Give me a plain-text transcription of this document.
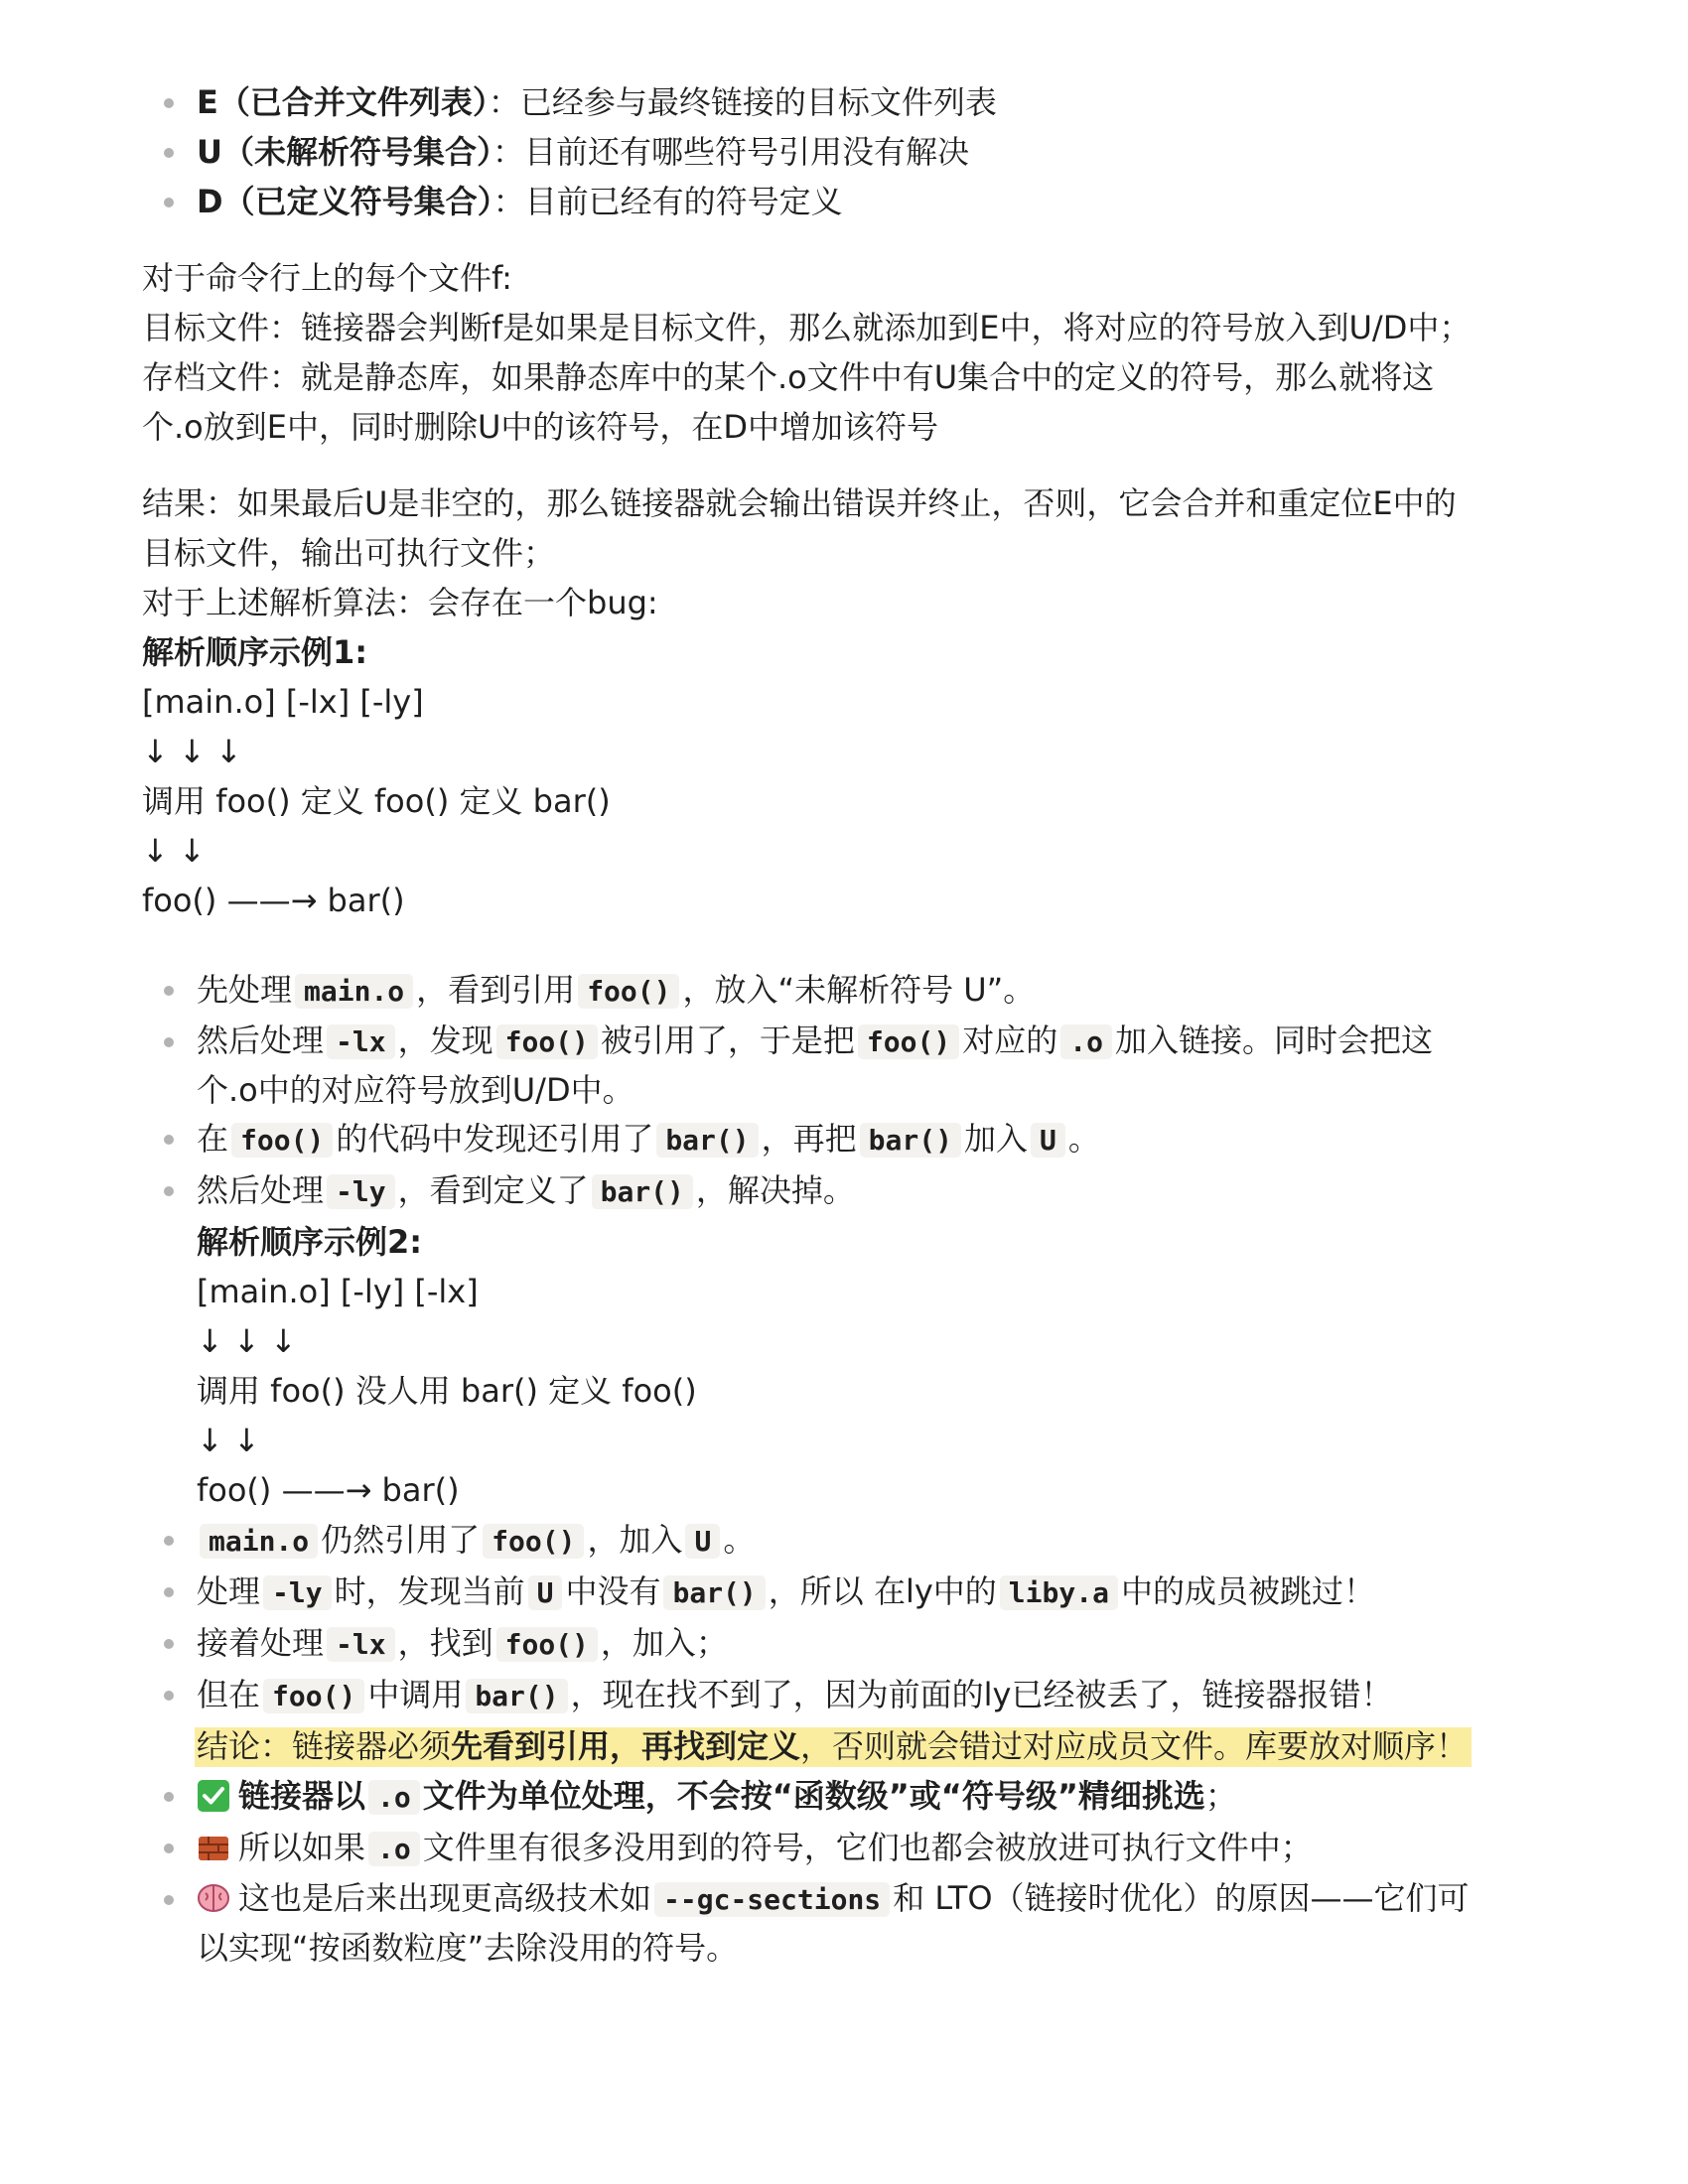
E（已合并文件列表）：已经参与最终链接的目标文件列表
U（未解析符号集合）：目前还有哪些符号引用没有解决
D（已定义符号集合）：目前已经有的符号定义
对于命令行上的每个文件f:
目标文件：链接器会判断f是如果是目标文件，那么就添加到E中，将对应的符号放入到U/D中；
存档文件：就是静态库，如果静态库中的某个.o文件中有U集合中的定义的符号，那么就将这
个.o放到E中，同时删除U中的该符号，在D中增加该符号
结果：如果最后U是非空的，那么链接器就会输出错误并终止，否则，它会合并和重定位E中的
目标文件，输出可执行文件；
对于上述解析算法：会存在一个bug:
解析顺序示例1:
[main.o] [-lx] [-ly]
↓ ↓ ↓
调用 foo() 定义 foo() 定义 bar()
↓ ↓
foo() ——→ bar()
先处理 main.o ，看到引用 foo() ，放入“未解析符号 U”。
然后处理 -lx ，发现 foo() 被引用了，于是把 foo() 对应的 .o 加入链接。同时会把这
个.o中的对应符号放到U/D中。
在 foo() 的代码中发现还引用了 bar() ，再把 bar() 加入 U 。
然后处理 -ly ，看到定义了 bar() ，解决掉。
解析顺序示例2:
[main.o] [-ly] [-lx]
↓ ↓ ↓
调用 foo() 没人用 bar() 定义 foo()
↓ ↓
foo() ——→ bar()
main.o 仍然引用了 foo() ，加入 U 。
处理 -ly 时，发现当前 U 中没有 bar() ，所以 在ly中的 liby.a 中的成员被跳过！
接着处理 -lx ，找到 foo() ，加入；
但在 foo() 中调用 bar() ，现在找不到了，因为前面的ly已经被丢了，链接器报错！
结论：链接器必须先看到引用，再找到定义，否则就会错过对应成员文件。库要放对顺序！
链接器以 .o 文件为单位处理，不会按“函数级”或“符号级”精细挑选；
所以如果 .o 文件里有很多没用到的符号，它们也都会被放进可执行文件中；
这也是后来出现更高级技术如 --gc-sections 和 LTO（链接时优化）的原因——它们可
以实现“按函数粒度”去除没用的符号。
